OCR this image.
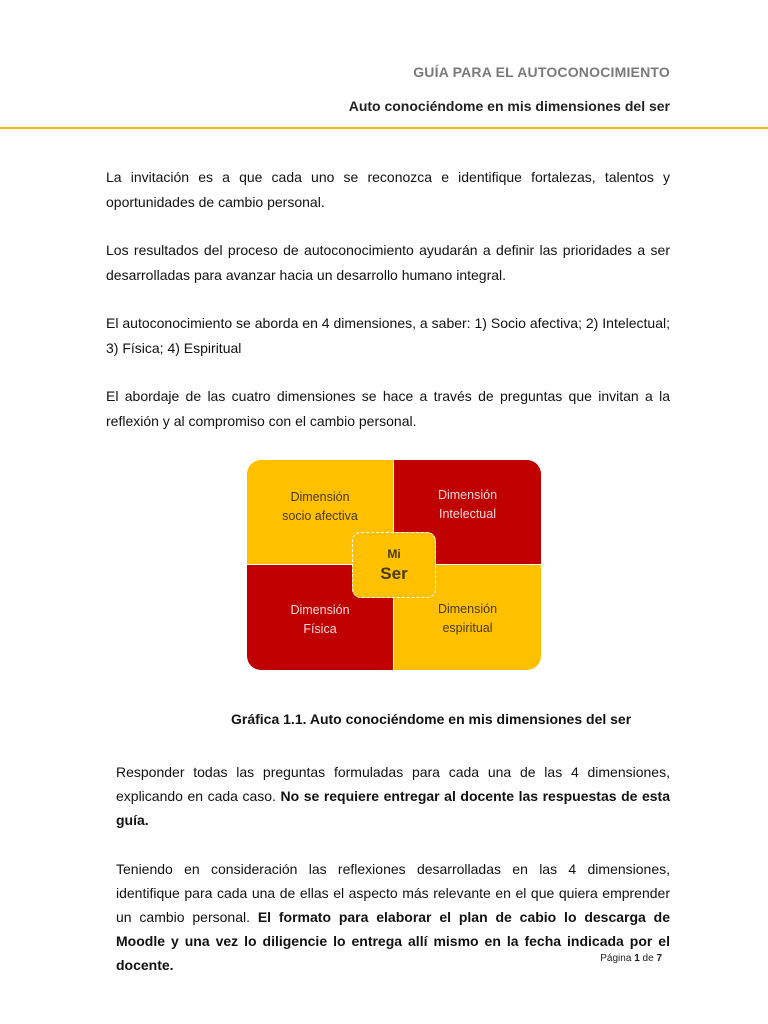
GUÍA PARA EL AUTOCONOCIMIENTO
Auto conociéndome en mis dimensiones del ser

La invitación es a que cada uno se reconozca e identifique fortalezas, talentos y oportunidades de cambio personal.

Los resultados del proceso de autoconocimiento ayudarán a definir las prioridades a ser desarrolladas para avanzar hacia un desarrollo humano integral.

El autoconocimiento se aborda en 4 dimensiones, a saber: 1) Socio afectiva; 2) Intelectual; 3) Física; 4) Espiritual

El abordaje de las cuatro dimensiones se hace a través de preguntas que invitan a la reflexión y al compromiso con el cambio personal.

Dimensión
socio afectiva
Dimensión
Intelectual
Dimensión
Física
Dimensión
espiritual
Mi
Ser
Gráfica 1.1. Auto conociéndome en mis dimensiones del ser

Responder todas las preguntas formuladas para cada una de las 4 dimensiones, explicando en cada caso. No se requiere entregar al docente las respuestas de esta guía.

Teniendo en consideración las reflexiones desarrolladas en las 4 dimensiones, identifique para cada una de ellas el aspecto más relevante en el que quiera emprender un cambio personal. El formato para elaborar el plan de cabio lo descarga de Moodle y una vez lo diligencie lo entrega allí mismo en la fecha indicada por el docente.	Página 1 de 7
